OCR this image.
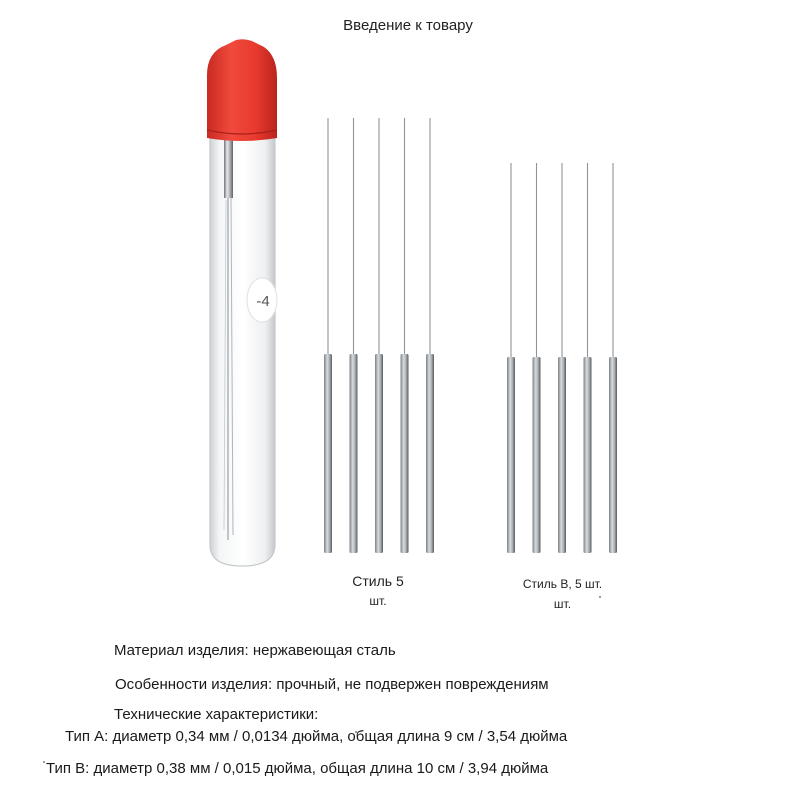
Введение к товару
-4
Стиль 5
шт.
Стиль B, 5 шт.
шт.
Материал изделия: нержавеющая сталь
Особенности изделия: прочный, не подвержен повреждениям
Технические характеристики:
Тип A: диаметр 0,34 мм / 0,0134 дюйма, общая длина 9 см / 3,54 дюйма
Тип B: диаметр 0,38 мм / 0,015 дюйма, общая длина 10 см / 3,94 дюйма
